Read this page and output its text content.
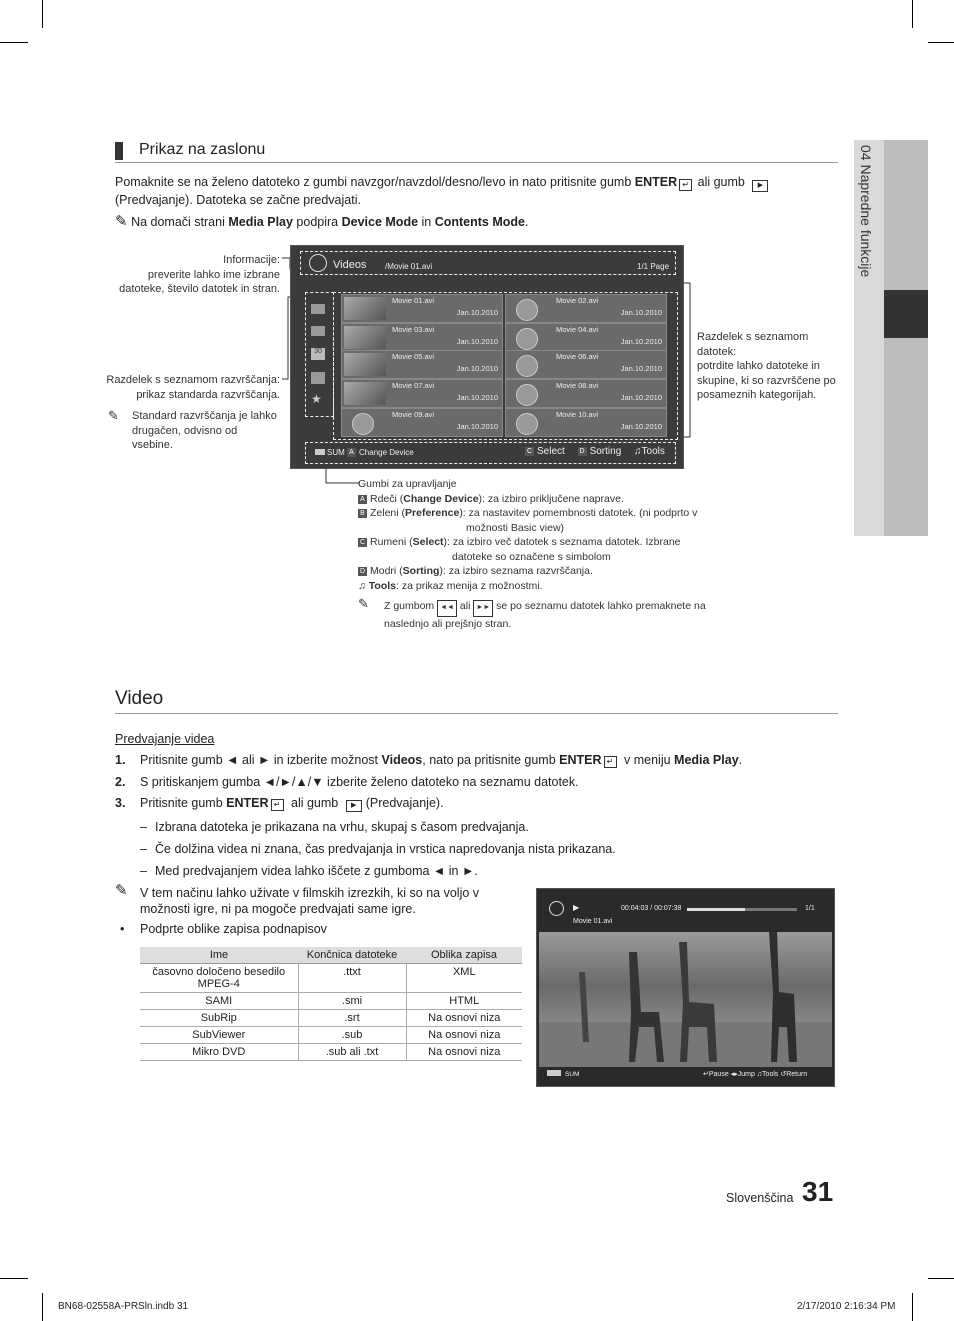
04 Napredne funkcije
Prikaz na zaslonu
Pomaknite se na želeno datoteko z gumbi navzgor/navzdol/desno/levo in nato pritisnite gumb ENTER ↵ ali gumb ▶
(Predvajanje). Datoteka se začne predvajati.
✎ Na domači strani Media Play podpira Device Mode in Contents Mode.
Informacije:
preverite lahko ime izbrane
datoteke, število datotek in stran.
Razdelek s seznamom razvrščanja:
prikaz standarda razvrščanja.
✎	Standard razvrščanja je lahko
drugačen, odvisno od vsebine.
Razdelek s seznamom datotek:
potrdite lahko datoteke in
skupine, ki so razvrščene po
posameznih kategorijah.
Videos /Movie 01.avi	1/1 Page
30
★
Movie 01.avi
Jan.10.2010
Movie 02.avi
Jan.10.2010
Movie 03.avi
Jan.10.2010
Movie 04.avi
Jan.10.2010
Movie 05.avi
Jan.10.2010
Movie 06.avi
Jan.10.2010
Movie 07.avi
Jan.10.2010
Movie 08.avi
Jan.10.2010
Movie 09.avi
Jan.10.2010
Movie 10.avi
Jan.10.2010
SUM A Change Device	C Select D Sorting ♫Tools
Gumbi za upravljanje
A Rdeči (Change Device): za izbiro priključene naprave.
B Zeleni (Preference): za nastavitev pomembnosti datotek. (ni podprto v
možnosti Basic view)
C Rumeni (Select): za izbiro več datotek s seznama datotek. Izbrane
datoteke so označene s simbolom
D Modri (Sorting): za izbiro seznama razvrščanja.
♫ Tools: za prikaz menija z možnostmi.
✎ Z gumbom ◄◄ ali ►► se po seznamu datotek lahko premaknete na
naslednjo ali prejšnjo stran.
Video
Predvajanje videa
1. Pritisnite gumb ◄ ali ► in izberite možnost Videos, nato pa pritisnite gumb ENTER ↵ v meniju Media Play.
2. S pritiskanjem gumba ◄/►/▲/▼ izberite želeno datoteko na seznamu datotek.
3. Pritisnite gumb ENTER ↵ ali gumb ▶ (Predvajanje).
– Izbrana datoteka je prikazana na vrhu, skupaj s časom predvajanja.
– Če dolžina videa ni znana, čas predvajanja in vrstica napredovanja nista prikazana.
– Med predvajanjem videa lahko iščete z gumboma ◄ in ►.
✎ V tem načinu lahko uživate v filmskih izrezkih, ki so na voljo v
možnosti igre, ni pa mogoče predvajati same igre.
• Podprte oblike zapisa podnapisov
Ime	Končnica datoteke	Oblika zapisa
časovno določeno besedilo MPEG-4	.ttxt	XML
SAMI	.smi	HTML
SubRip	.srt	Na osnovi niza
SubViewer	.sub	Na osnovi niza
Mikro DVD	.sub ali .txt	Na osnovi niza
▶	00:04:03 / 00:07:38	1/1
Movie 01.avi
SUM	↵Pause ◂▸Jump ♫Tools ↺Return
Slovenščina 31
BN68-02558A-PRSln.indb 31	2/17/2010 2:16:34 PM
